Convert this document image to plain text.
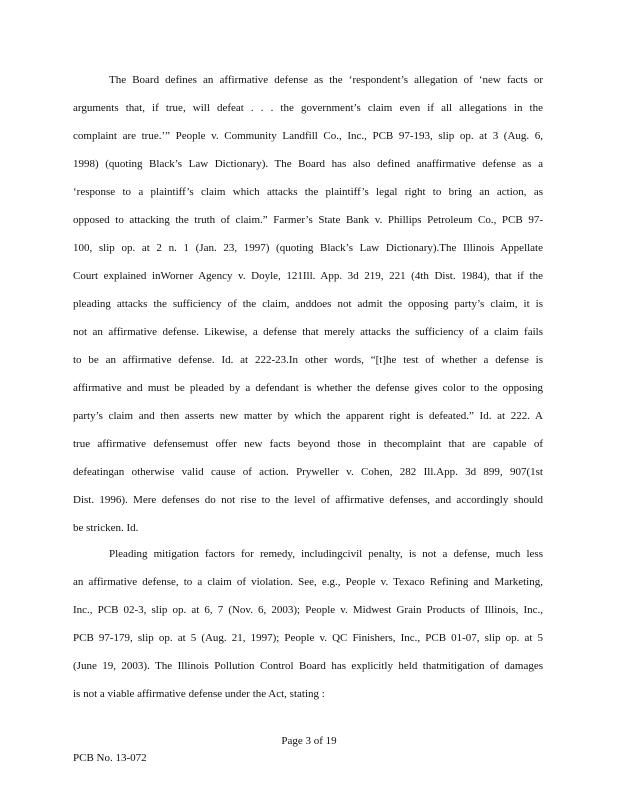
The Board defines an affirmative defense as the ‘respondent’s allegation of ‘new facts or
arguments that, if true, will defeat . . . the government’s claim even if all allegations in the
complaint are true.’” People v. Community Landfill Co., Inc., PCB 97-193, slip op. at 3 (Aug. 6,
1998) (quoting Black’s Law Dictionary). The Board has also defined anaffirmative defense as a
‘response to a plaintiff’s claim which attacks the plaintiff’s legal right to bring an action, as
opposed to attacking the truth of claim.” Farmer’s State Bank v. Phillips Petroleum Co., PCB 97-
100, slip op. at 2 n. 1 (Jan. 23, 1997) (quoting Black’s Law Dictionary).The Illinois Appellate
Court explained inWorner Agency v. Doyle, 121Ill. App. 3d 219, 221 (4th Dist. 1984), that if the
pleading attacks the sufficiency of the claim, anddoes not admit the opposing party’s claim, it is
not an affirmative defense. Likewise, a defense that merely attacks the sufficiency of a claim fails
to be an affirmative defense. Id. at 222-23.In other words, “[t]he test of whether a defense is
affirmative and must be pleaded by a defendant is whether the defense gives color to the opposing
party’s claim and then asserts new matter by which the apparent right is defeated.” Id. at 222. A
true affirmative defensemust offer new facts beyond those in thecomplaint that are capable of
defeatingan otherwise valid cause of action. Pryweller v. Cohen, 282 Ill.App. 3d 899, 907(1st
Dist. 1996). Mere defenses do not rise to the level of affirmative defenses, and accordingly should
be stricken. Id.
Pleading mitigation factors for remedy, includingcivil penalty, is not a defense, much less
an affirmative defense, to a claim of violation. See, e.g., People v. Texaco Refining and Marketing,
Inc., PCB 02-3, slip op. at 6, 7 (Nov. 6, 2003); People v. Midwest Grain Products of Illinois, Inc.,
PCB 97-179, slip op. at 5 (Aug. 21, 1997); People v. QC Finishers, Inc., PCB 01-07, slip op. at 5
(June 19, 2003). The Illinois Pollution Control Board has explicitly held thatmitigation of damages
is not a viable affirmative defense under the Act, stating :
Page 3 of 19
PCB No. 13-072
